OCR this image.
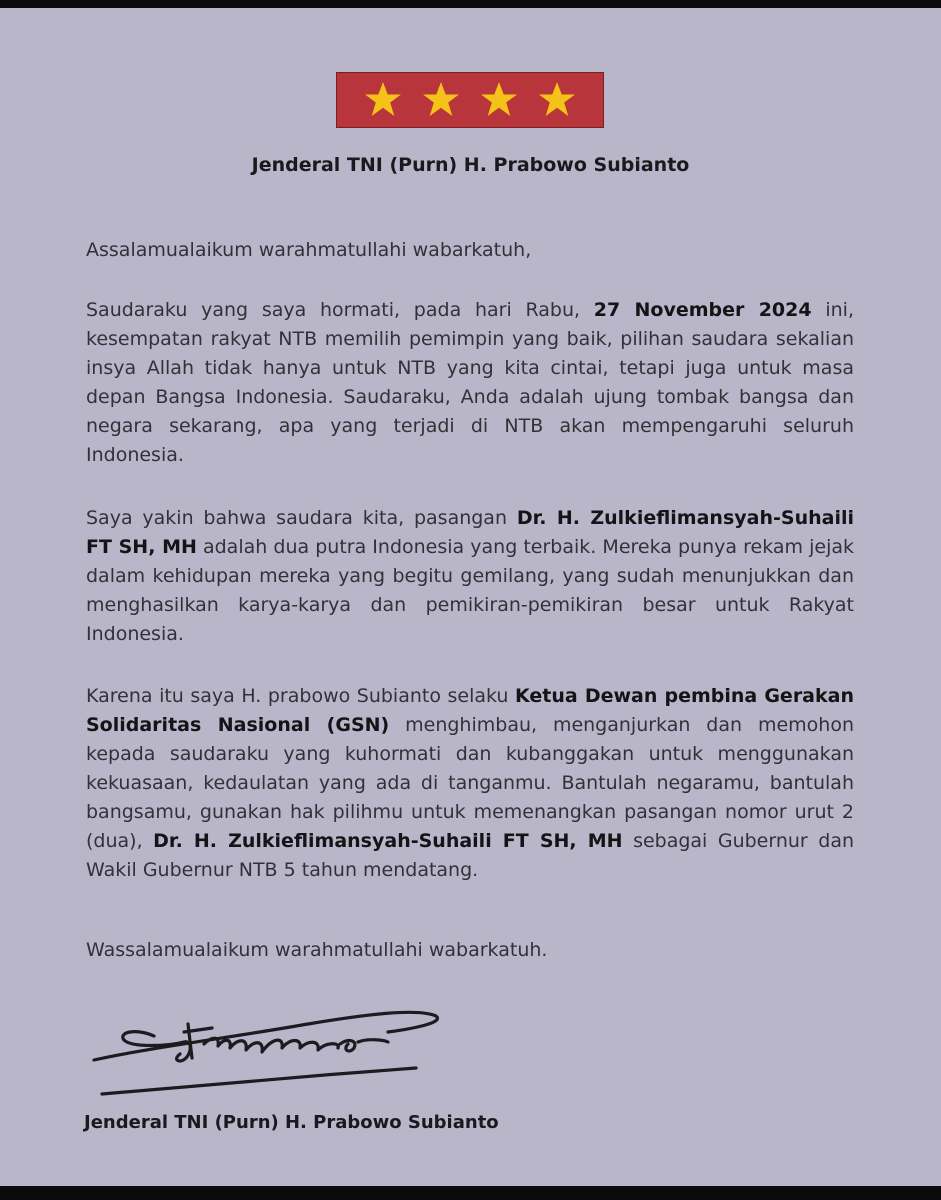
Jenderal TNI (Purn) H. Prabowo Subianto
Assalamualaikum warahmatullahi wabarkatuh,
Saudaraku yang saya hormati, pada hari Rabu, 27 November 2024 ini, kesempatan rakyat NTB memilih pemimpin yang baik, pilihan saudara sekalian insya Allah tidak hanya untuk NTB yang kita cintai, tetapi juga untuk masa depan Bangsa Indonesia. Saudaraku, Anda adalah ujung tombak bangsa dan negara sekarang, apa yang terjadi di NTB akan mempengaruhi seluruh Indonesia.
Saya yakin bahwa saudara kita, pasangan Dr. H. Zulkieflimansyah-Suhaili FT SH, MH adalah dua putra Indonesia yang terbaik. Mereka punya rekam jejak dalam kehidupan mereka yang begitu gemilang, yang sudah menunjukkan dan menghasilkan karya-karya dan pemikiran-pemikiran besar untuk Rakyat Indonesia.
Karena itu saya H. prabowo Subianto selaku Ketua Dewan pembina Gerakan Solidaritas Nasional (GSN) menghimbau, menganjurkan dan memohon kepada saudaraku yang kuhormati dan kubanggakan untuk menggunakan kekuasaan, kedaulatan yang ada di tanganmu. Bantulah negaramu, bantulah bangsamu, gunakan hak pilihmu untuk memenangkan pasangan nomor urut 2 (dua), Dr. H. Zulkieflimansyah-Suhaili FT SH, MH sebagai Gubernur dan Wakil Gubernur NTB 5 tahun mendatang.
Wassalamualaikum warahmatullahi wabarkatuh.
Jenderal TNI (Purn) H. Prabowo Subianto
